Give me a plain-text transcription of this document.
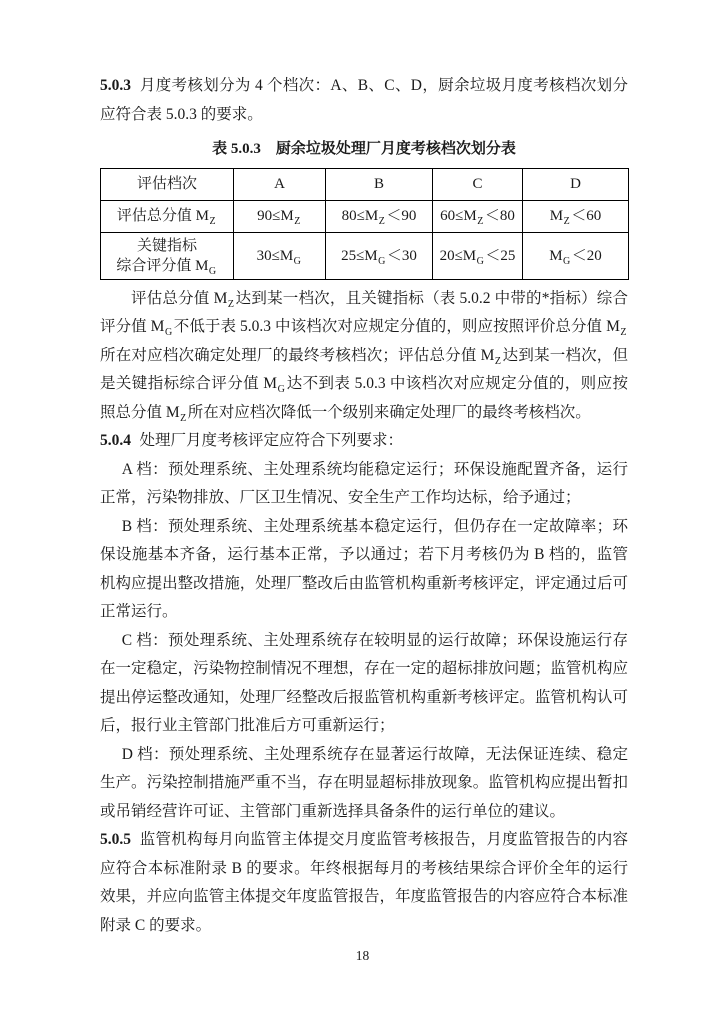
5.0.3 月度考核划分为 4 个档次：A、B、C、D，厨余垃圾月度考核档次划分应符合表 5.0.3 的要求。

表 5.0.3　厨余垃圾处理厂月度考核档次划分表
评估档次	A	B	C	D
评估总分值 $M_Z$	$90\le M_Z$	$80\le M_Z <90$	$60\le M_Z <80$	$M_Z <60$
关键指标
综合评分值 $M_G$	$30\le M_G$	$25\le M_G <30$	$20\le M_G <25$	$M_G <20$

评估总分值 $M_Z$达到某一档次，且关键指标（表 5.0.2 中带的*指标）综合评分值 $M_G$不低于表 5.0.3 中该档次对应规定分值的，则应按照评价总分值 $M_Z$所在对应档次确定处理厂的最终考核档次；评估总分值 $M_Z$达到某一档次，但是关键指标综合评分值 $M_G$达不到表 5.0.3 中该档次对应规定分值的，则应按照总分值 $M_Z$所在对应档次降低一个级别来确定处理厂的最终考核档次。

5.0.4 处理厂月度考核评定应符合下列要求：

A 档：预处理系统、主处理系统均能稳定运行；环保设施配置齐备，运行正常，污染物排放、厂区卫生情况、安全生产工作均达标，给予通过；

B 档：预处理系统、主处理系统基本稳定运行，但仍存在一定故障率；环保设施基本齐备，运行基本正常，予以通过；若下月考核仍为 B 档的，监管机构应提出整改措施，处理厂整改后由监管机构重新考核评定，评定通过后可正常运行。

C 档：预处理系统、主处理系统存在较明显的运行故障；环保设施运行存在一定稳定，污染物控制情况不理想，存在一定的超标排放问题；监管机构应提出停运整改通知，处理厂经整改后报监管机构重新考核评定。监管机构认可后，报行业主管部门批准后方可重新运行；

D 档：预处理系统、主处理系统存在显著运行故障，无法保证连续、稳定生产。污染控制措施严重不当，存在明显超标排放现象。监管机构应提出暂扣或吊销经营许可证、主管部门重新选择具备条件的运行单位的建议。

5.0.5 监管机构每月向监管主体提交月度监管考核报告，月度监管报告的内容应符合本标准附录 B 的要求。年终根据每月的考核结果综合评价全年的运行效果，并应向监管主体提交年度监管报告，年度监管报告的内容应符合本标准附录 C 的要求。

18
